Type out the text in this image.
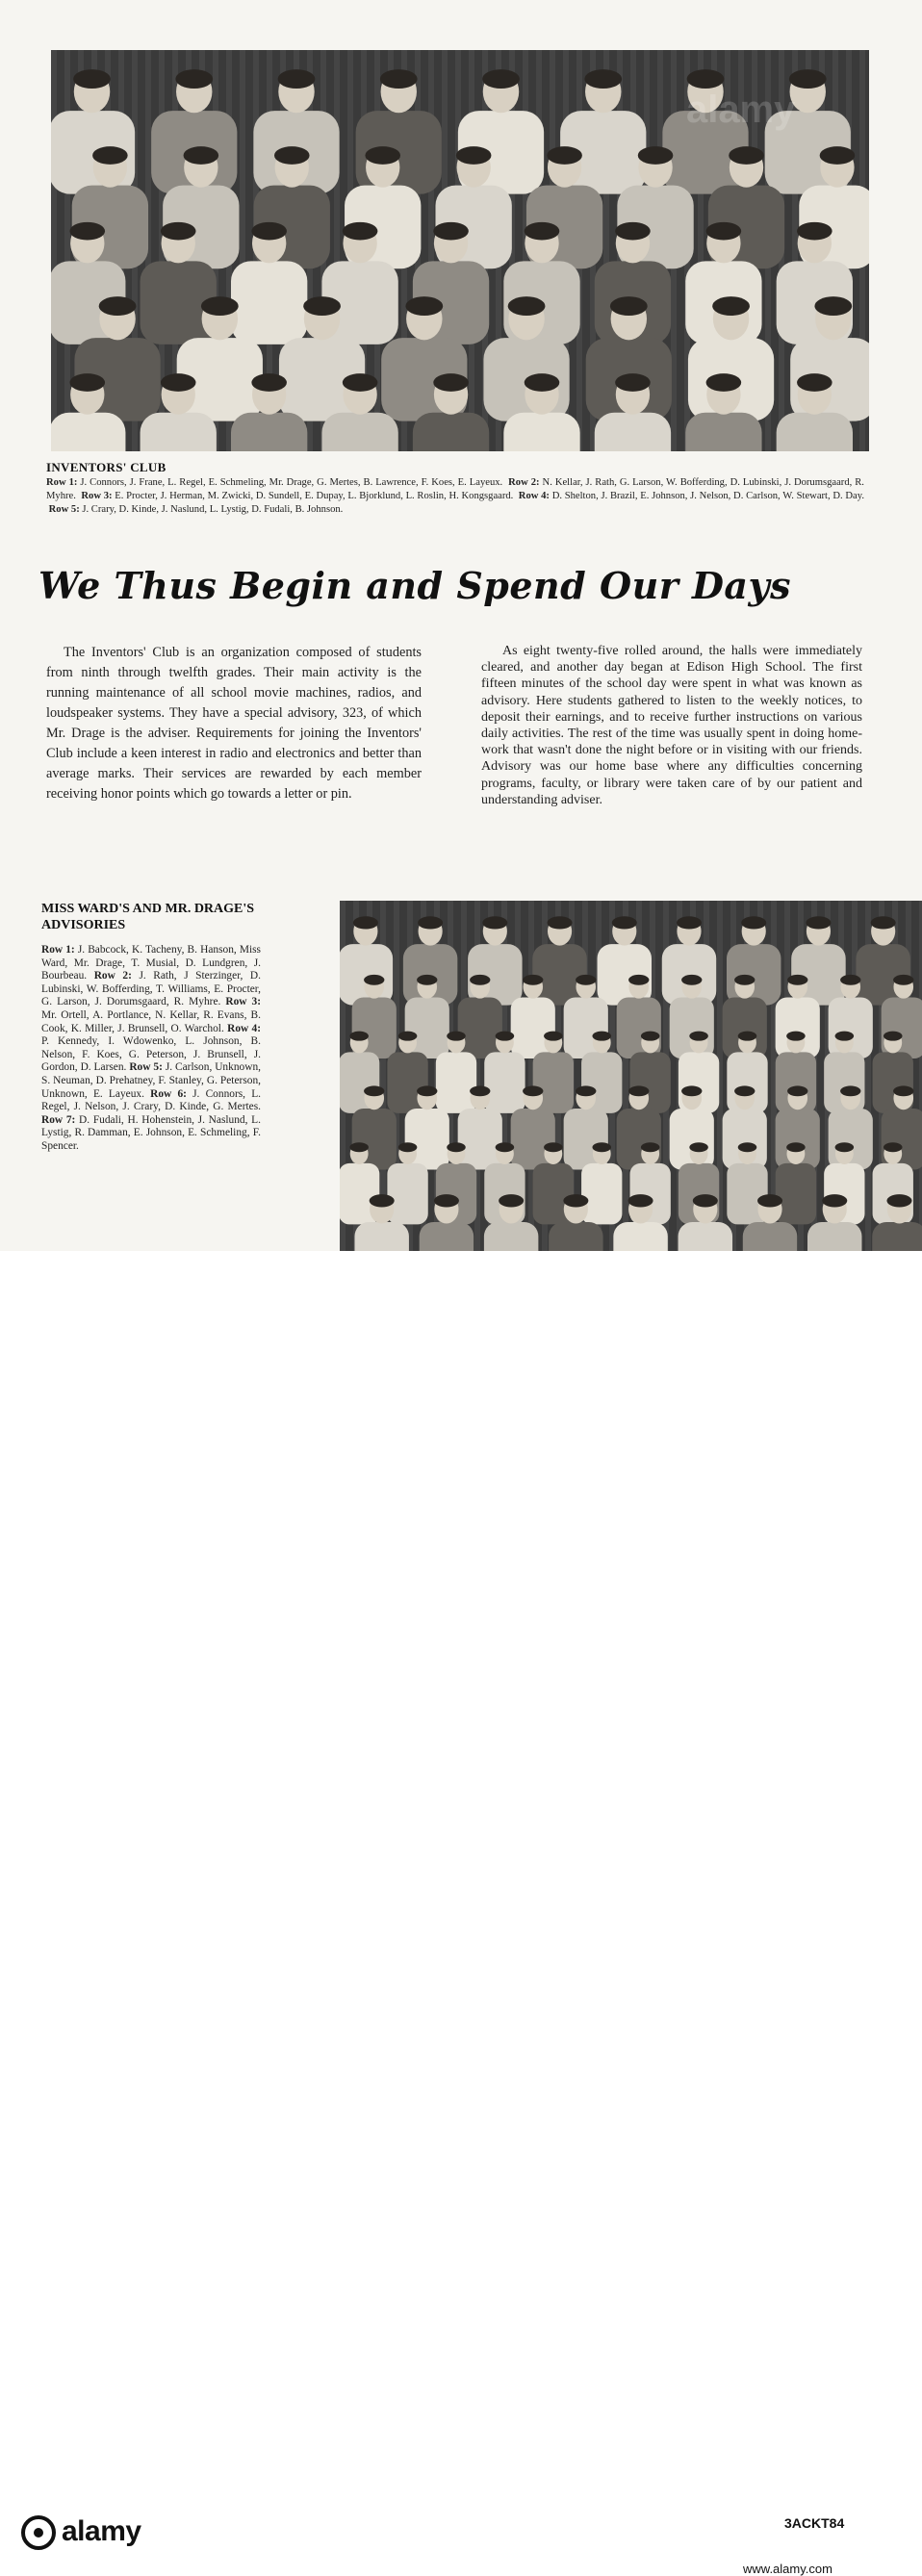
alamy
INVENTORS' CLUB
Row 1: J. Connors, J. Frane, L. Regel, E. Schmeling, Mr. Drage, G. Mertes, B. Lawrence, F. Koes, E. Layeux. Row 2: N. Kellar, J. Rath, G. Larson, W. Bofferding, D. Lubinski, J. Dorumsgaard, R. Myhre. Row 3: E. Procter, J. Herman, M. Zwicki, D. Sundell, E. Dupay, L. Bjorklund, L. Roslin, H. Kongsgaard. Row 4: D. Shelton, J. Brazil, E. Johnson, J. Nelson, D. Carlson, W. Stewart, D. Day.  Row 5: J. Crary, D. Kinde, J. Naslund, L. Lystig, D. Fudali, B. Johnson.
We Thus Begin and Spend Our Days
The Inventors' Club is an organization composed of students from ninth through twelfth grades. Their main activity is the running maintenance of all school movie machines, radios, and loudspeaker systems. They have a special advisory, 323, of which Mr. Drage is the adviser. Requirements for joining the Inventors' Club include a keen interest in radio and electronics and better than average marks. Their services are rewarded by each member receiving honor points which go towards a letter or pin.
As eight twenty-five rolled around, the halls were immediately cleared, and another day began at Edison High School. The first fifteen minutes of the school day were spent in what was known as advisory. Here students gathered to listen to the weekly notices, to deposit their earnings, and to receive further instructions on various daily activities. The rest of the time was usually spent in doing home-work that wasn't done the night before or in visiting with our friends. Advisory was our home base where any difficulties concerning programs, faculty, or library were taken care of by our patient and understanding adviser.
MISS WARD'S AND MR. DRAGE'S ADVISORIES
Row 1: J. Babcock, K. Tacheny, B. Hanson, Miss Ward, Mr. Drage, T. Musial, D. Lundgren, J. Bourbeau. Row 2: J. Rath, J Sterzinger, D. Lubinski, W. Bofferding, T. Williams, E. Procter, G. Larson, J. Dorumsgaard, R. Myhre. Row 3: Mr. Ortell, A. Portlance, N. Kellar, R. Evans, B. Cook, K. Miller, J. Brunsell, O. Warchol. Row 4: P. Kennedy, I. Wdowenko, L. Johnson, B. Nelson, F. Koes, G. Peterson, J. Brunsell, J. Gordon, D. Larsen. Row 5: J. Carlson, Unknown, S. Neuman, D. Prehatney, F. Stanley, G. Peterson, Unknown, E. Layeux. Row 6: J. Connors, L. Regel, J. Nelson, J. Crary, D. Kinde, G. Mertes. Row 7: D. Fudali, H. Hohenstein, J. Naslund, L. Lystig, R. Damman, E. Johnson, E. Schmeling, F. Spencer.
alamy	3ACKT84
www.alamy.com
